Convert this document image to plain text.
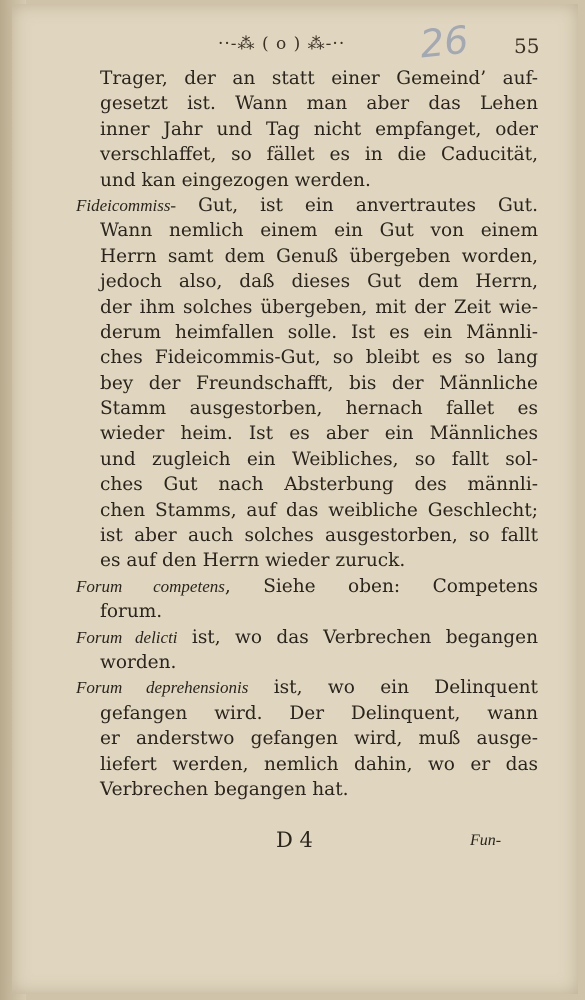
··-⁂ ( o ) ⁂-·· 26 55
Trager, der an statt einer Gemeind’ auf-
gesetzt ist. Wann man aber das Lehen
inner Jahr und Tag nicht empfanget, oder
verschlaffet, so fället es in die Caducität,
und kan eingezogen werden.
Fideicommiss- Gut, ist ein anvertrautes Gut.
Wann nemlich einem ein Gut von einem
Herrn samt dem Genuß übergeben worden,
jedoch also, daß dieses Gut dem Herrn,
der ihm solches übergeben, mit der Zeit wie-
derum heimfallen solle. Ist es ein Männli-
ches Fideicommis-Gut, so bleibt es so lang
bey der Freundschafft, bis der Männliche
Stamm ausgestorben, hernach fallet es
wieder heim. Ist es aber ein Männliches
und zugleich ein Weibliches, so fallt sol-
ches Gut nach Absterbung des männli-
chen Stamms, auf das weibliche Geschlecht;
ist aber auch solches ausgestorben, so fallt
es auf den Herrn wieder zuruck.
Forum competens, Siehe oben: Competens
forum.
Forum delicti ist, wo das Verbrechen begangen
worden.
Forum deprehensionis ist, wo ein Delinquent
gefangen wird. Der Delinquent, wann
er anderstwo gefangen wird, muß ausge-
liefert werden, nemlich dahin, wo er das
Verbrechen begangen hat.
D 4	Fun-
